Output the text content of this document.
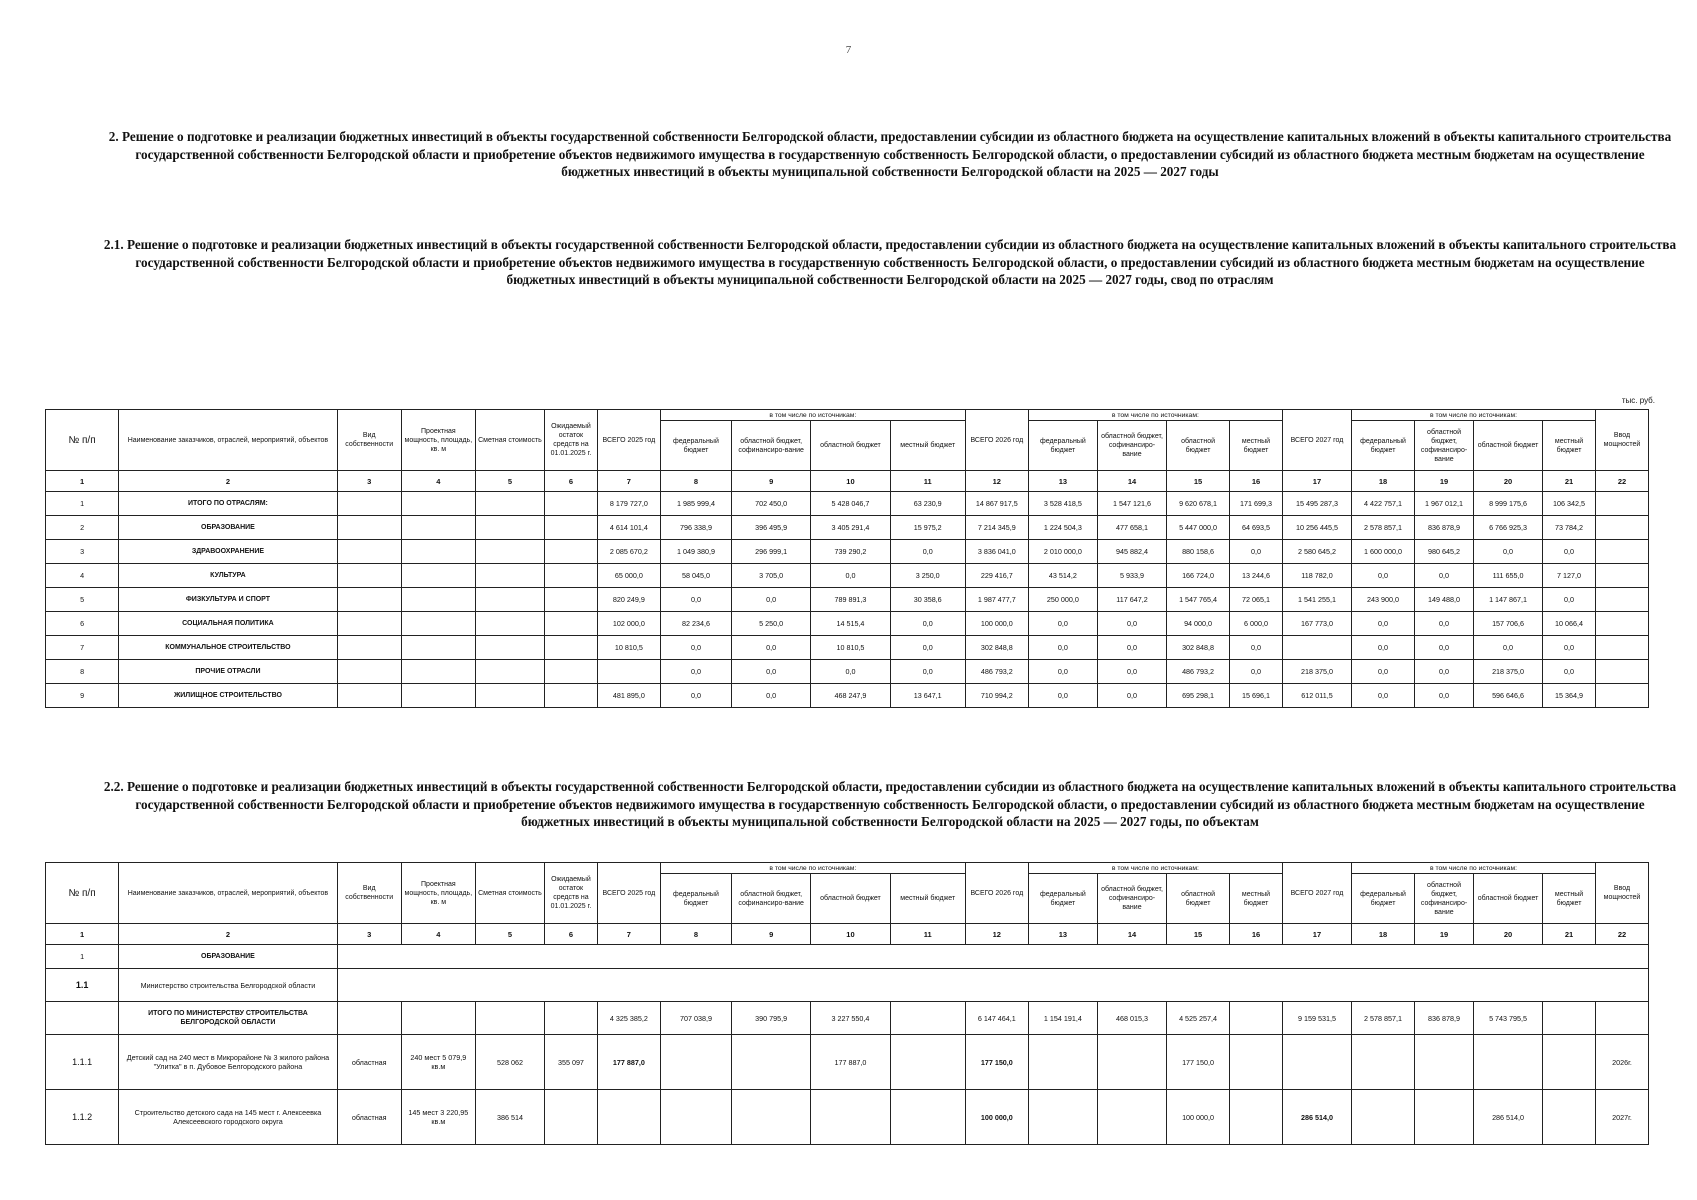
7
2. Решение о подготовке и реализации бюджетных инвестиций в объекты государственной собственности Белгородской области, предоставлении субсидии из областного бюджета на осуществление капитальных вложений в объекты капитального строительства государственной собственности Белгородской области и приобретение объектов недвижимого имущества в государственную собственность Белгородской области, о предоставлении субсидий из областного бюджета местным бюджетам на осуществление бюджетных инвестиций в объекты муниципальной собственности Белгородской области на 2025 — 2027 годы
2.1. Решение о подготовке и реализации бюджетных инвестиций в объекты государственной собственности Белгородской области, предоставлении субсидии из областного бюджета на осуществление капитальных вложений в объекты капитального строительства государственной собственности Белгородской области и приобретение объектов недвижимого имущества в государственную собственность Белгородской области, о предоставлении субсидий из областного бюджета местным бюджетам на осуществление бюджетных инвестиций в объекты муниципальной собственности Белгородской области на 2025 — 2027 годы, свод по отраслям
тыс. руб.
№ п/п	Наименование заказчиков, отраслей, мероприятий, объектов	Вид собственности	Проектная мощность, площадь, кв. м	Сметная стоимость	Ожидаемый остаток средств на 01.01.2025 г.	ВСЕГО 2025 год	в том числе по источникам:				ВСЕГО 2026 год	в том числе по источникам:				ВСЕГО 2027 год	в том числе по источникам:				Ввод мощностей
							федеральный бюджет	областной бюджет, софинансиро-вание	областной бюджет	местный бюджет		федеральный бюджет	областной бюджет, софинансиро-вание	областной бюджет	местный бюджет		федеральный бюджет	областной бюджет, софинансиро-вание	областной бюджет	местный бюджет	
1	2	3	4	5	6	7	8	9	10	11	12	13	14	15	16	17	18	19	20	21	22
1	ИТОГО ПО ОТРАСЛЯМ:					8 179 727,0	1 985 999,4	702 450,0	5 428 046,7	63 230,9	14 867 917,5	3 528 418,5	1 547 121,6	9 620 678,1	171 699,3	15 495 287,3	4 422 757,1	1 967 012,1	8 999 175,6	106 342,5	
2	ОБРАЗОВАНИЕ					4 614 101,4	796 338,9	396 495,9	3 405 291,4	15 975,2	7 214 345,9	1 224 504,3	477 658,1	5 447 000,0	64 693,5	10 256 445,5	2 578 857,1	836 878,9	6 766 925,3	73 784,2	
3	ЗДРАВООХРАНЕНИЕ					2 085 670,2	1 049 380,9	296 999,1	739 290,2	0,0	3 836 041,0	2 010 000,0	945 882,4	880 158,6	0,0	2 580 645,2	1 600 000,0	980 645,2	0,0	0,0	
4	КУЛЬТУРА					65 000,0	58 045,0	3 705,0	0,0	3 250,0	229 416,7	43 514,2	5 933,9	166 724,0	13 244,6	118 782,0	0,0	0,0	111 655,0	7 127,0	
5	ФИЗКУЛЬТУРА И СПОРТ					820 249,9	0,0	0,0	789 891,3	30 358,6	1 987 477,7	250 000,0	117 647,2	1 547 765,4	72 065,1	1 541 255,1	243 900,0	149 488,0	1 147 867,1	0,0	
6	СОЦИАЛЬНАЯ ПОЛИТИКА					102 000,0	82 234,6	5 250,0	14 515,4	0,0	100 000,0	0,0	0,0	94 000,0	6 000,0	167 773,0	0,0	0,0	157 706,6	10 066,4	
7	КОММУНАЛЬНОЕ СТРОИТЕЛЬСТВО					10 810,5	0,0	0,0	10 810,5	0,0	302 848,8	0,0	0,0	302 848,8	0,0		0,0	0,0	0,0	0,0	
8	ПРОЧИЕ ОТРАСЛИ						0,0	0,0	0,0	0,0	486 793,2	0,0	0,0	486 793,2	0,0	218 375,0	0,0	0,0	218 375,0	0,0	
9	ЖИЛИЩНОЕ СТРОИТЕЛЬСТВО					481 895,0	0,0	0,0	468 247,9	13 647,1	710 994,2	0,0	0,0	695 298,1	15 696,1	612 011,5	0,0	0,0	596 646,6	15 364,9	
2.2. Решение о подготовке и реализации бюджетных инвестиций в объекты государственной собственности Белгородской области, предоставлении субсидии из областного бюджета на осуществление капитальных вложений в объекты капитального строительства государственной собственности Белгородской области и приобретение объектов недвижимого имущества в государственную собственность Белгородской области, о предоставлении субсидий из областного бюджета местным бюджетам на осуществление бюджетных инвестиций в объекты муниципальной собственности Белгородской области на 2025 — 2027 годы, по объектам
№ п/п	Наименование заказчиков, отраслей, мероприятий, объектов	Вид собственности	Проектная мощность, площадь, кв. м	Сметная стоимость	Ожидаемый остаток средств на 01.01.2025 г.	ВСЕГО 2025 год	в том числе по источникам:				ВСЕГО 2026 год	в том числе по источникам:				ВСЕГО 2027 год	в том числе по источникам:				Ввод мощностей
							федеральный бюджет	областной бюджет, софинансиро-вание	областной бюджет	местный бюджет		федеральный бюджет	областной бюджет, софинансиро-вание	областной бюджет	местный бюджет		федеральный бюджет	областной бюджет, софинансиро-вание	областной бюджет	местный бюджет	
1	2	3	4	5	6	7	8	9	10	11	12	13	14	15	16	17	18	19	20	21	22
1	ОБРАЗОВАНИЕ																				
1.1	Министерство строительства Белгородской области																				
	ИТОГО ПО МИНИСТЕРСТВУ СТРОИТЕЛЬСТВА БЕЛГОРОДСКОЙ ОБЛАСТИ					4 325 385,2	707 038,9	390 795,9	3 227 550,4		6 147 464,1	1 154 191,4	468 015,3	4 525 257,4		9 159 531,5	2 578 857,1	836 878,9	5 743 795,5		
1.1.1	Детский сад на 240 мест в Микрорайоне № 3 жилого района "Улитка" в п. Дубовое Белгородского района	областная	240 мест 5 079,9 кв.м	528 062	355 097	177 887,0			177 887,0		177 150,0			177 150,0							2026г.
1.1.2	Строительство детского сада на 145 мест г. Алексеевка Алексеевского городского округа	областная	145 мест 3 220,95 кв.м	386 514							100 000,0			100 000,0		286 514,0			286 514,0		2027г.
